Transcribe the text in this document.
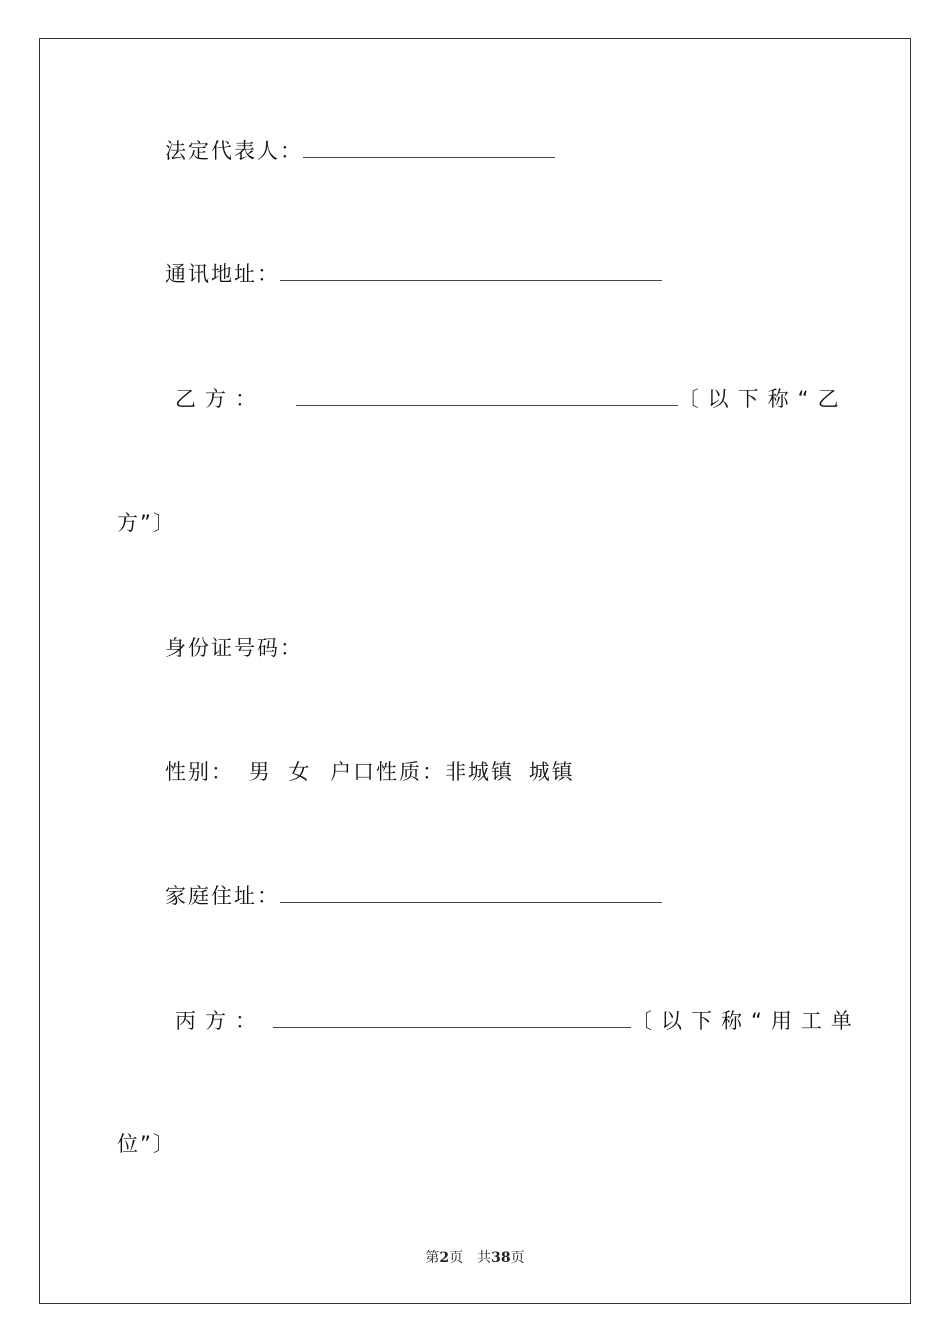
法定代表人：
通讯地址：
乙方：	〔以下称“乙
方”〕
身份证号码：
性别： 男 女 户口性质：非城镇 城镇
家庭住址：
丙方：	〔以下称“用工单
位”〕
第2页　共38页
